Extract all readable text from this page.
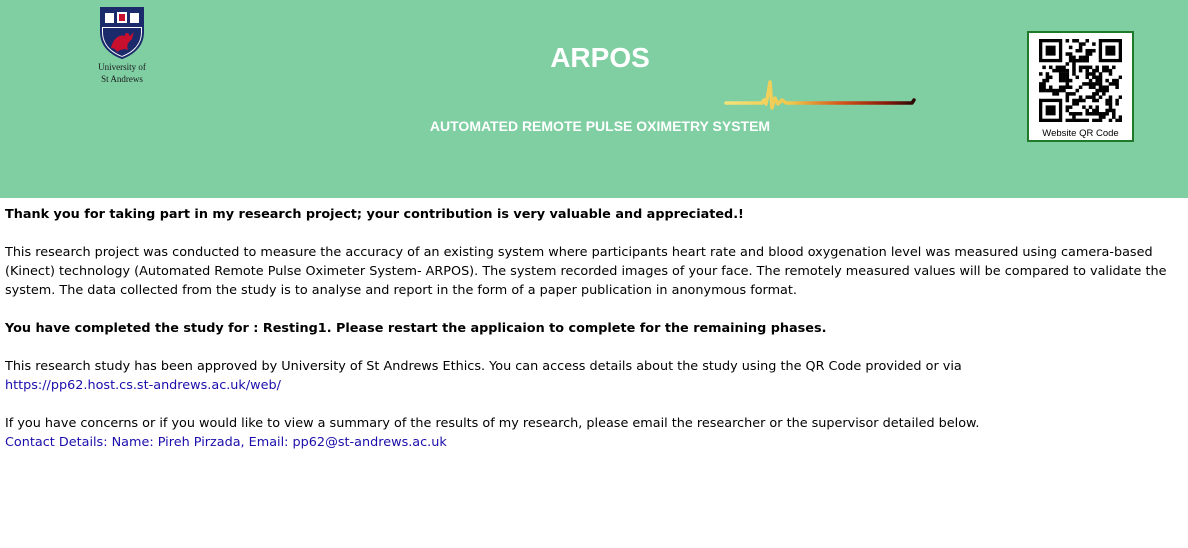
University of
St Andrews
ARPOS
AUTOMATED REMOTE PULSE OXIMETRY SYSTEM	Website QR Code

Thank you for taking part in my research project; your contribution is very valuable and appreciated.!

This research project was conducted to measure the accuracy of an existing system where participants heart rate and blood oxygenation level was measured using camera-based (Kinect) technology (Automated Remote Pulse Oximeter System- ARPOS). The system recorded images of your face. The remotely measured values will be compared to validate the system. The data collected from the study is to analyse and report in the form of a paper publication in anonymous format.

You have completed the study for : Resting1. Please restart the applicaion to complete for the remaining phases.

This research study has been approved by University of St Andrews Ethics. You can access details about the study using the QR Code provided or via

https://pp62.host.cs.st-andrews.ac.uk/web/

If you have concerns or if you would like to view a summary of the results of my research, please email the researcher or the supervisor detailed below.

Contact Details: Name: Pireh Pirzada, Email: pp62@st-andrews.ac.uk
